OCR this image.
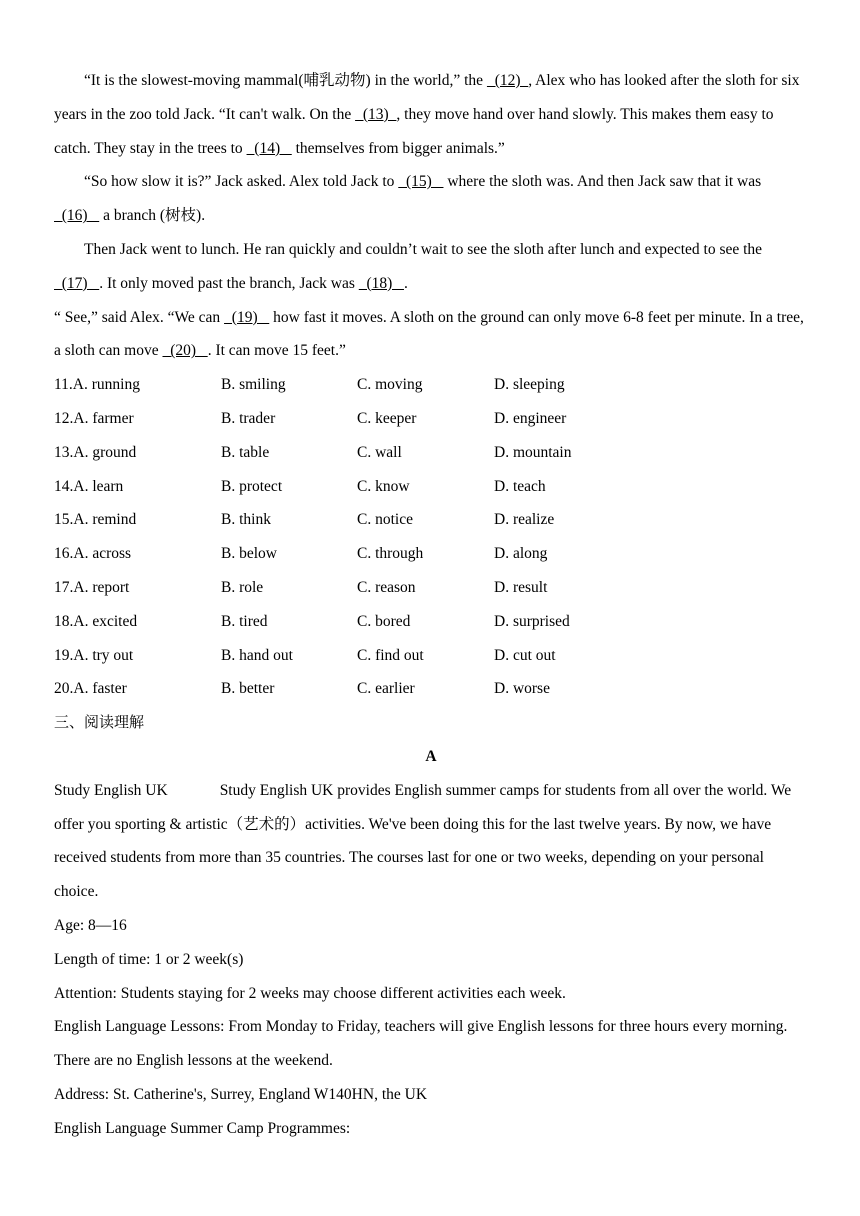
“It is the slowest-moving mammal(哺乳动物) in the world,” the   (12)  , Alex who has looked after the sloth for six years in the zoo told Jack. “It can't walk. On the   (13)  , they move hand over hand slowly. This makes them easy to catch. They stay in the trees to   (14)    themselves from bigger animals.”

“So how slow it is?” Jack asked. Alex told Jack to   (15)    where the sloth was. And then Jack saw that it was   (16)    a branch (树枝).

Then Jack went to lunch. He ran quickly and couldn’t wait to see the sloth after lunch and expected to see the   (17)   . It only moved past the branch, Jack was   (18)   .

“ See,” said Alex. “We can   (19)    how fast it moves. A sloth on the ground can only move 6-8 feet per minute. In a tree, a sloth can move   (20)   . It can move 15 feet.”

11.A. running	B. smiling	C. moving	D. sleeping
12.A. farmer	B. trader	C. keeper	D. engineer
13.A. ground	B. table	C. wall	D. mountain
14.A. learn	B. protect	C. know	D. teach
15.A. remind	B. think	C. notice	D. realize
16.A. across	B. below	C. through	D. along
17.A. report	B. role	C. reason	D. result
18.A. excited	B. tired	C. bored	D. surprised
19.A. try out	B. hand out	C. find out	D. cut out
20.A. faster	B. better	C. earlier	D. worse

三、阅读理解

A

Study English UK	Study English UK provides English summer camps for students from all over the world. We offer you sporting & artistic（艺术的）activities. We've been doing this for the last twelve years. By now, we have received students from more than 35 countries. The courses last for one or two weeks, depending on your personal choice.

Age: 8—16

Length of time: 1 or 2 week(s)

Attention: Students staying for 2 weeks may choose different activities each week.

English Language Lessons: From Monday to Friday, teachers will give English lessons for three hours every morning. There are no English lessons at the weekend.

Address: St. Catherine's, Surrey, England W140HN, the UK

English Language Summer Camp Programmes:
